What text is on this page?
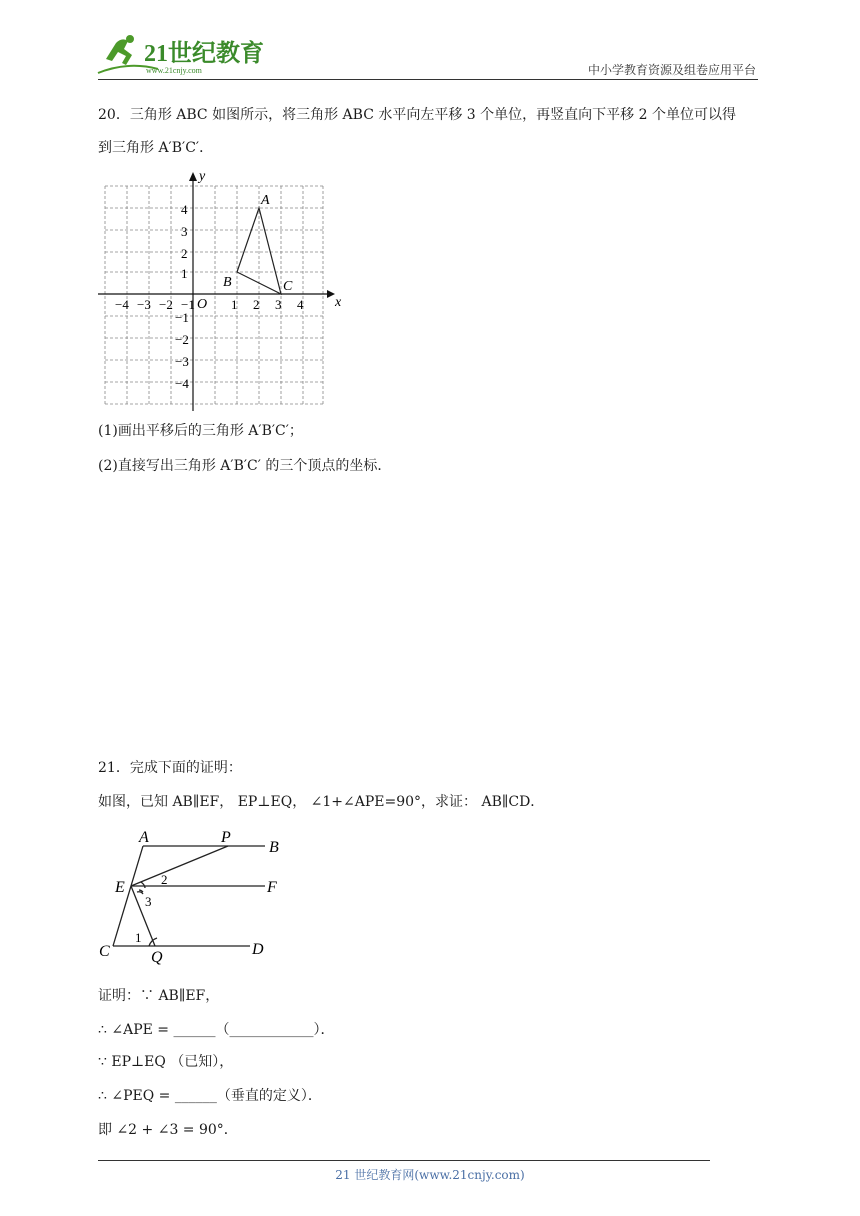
21世纪教育
www.21cnjy.com	中小学教育资源及组卷应用平台
20．三角形 ABC 如图所示，将三角形 ABC 水平向左平移 3 个单位，再竖直向下平移 2 个单位可以得
到三角形 A′B′C′．
x
y
O
−4 −3 −2 −1	1 2 3 4
4
3
2
1
−1
−2
−3
−4
A
B	C
(1)画出平移后的三角形 A′B′C′；
(2)直接写出三角形 A′B′C′ 的三个顶点的坐标．
21．完成下面的证明：
如图，已知 AB∥EF， EP⊥EQ， ∠1+∠APE=90°，求证： AB∥CD．
A	P
B
E	F
C	Q	D
2
3
1
证明：∵ AB∥EF，
∴ ∠APE = ______（____________）．
∵ EP⊥EQ （已知），
∴ ∠PEQ = ______（垂直的定义）．
即 ∠2 + ∠3 = 90°．
21 世纪教育网(www.21cnjy.com)
